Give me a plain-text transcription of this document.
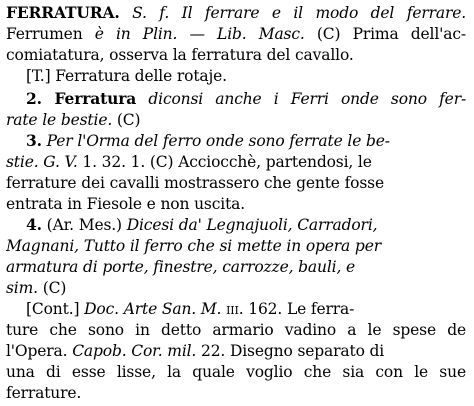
FERRATURA. S. f. Il ferrare e il modo del ferrare.
Ferrumen è in Plin. — Lib. Masc. (C) Prima dell'ac-
comiatatura, osserva la ferratura del cavallo.
[T.] Ferratura delle rotaje.
2. Ferratura diconsi anche i Ferri onde sono fer-
rate le bestie. (C)
3. Per l'Orma del ferro onde sono ferrate le be-
stie. G. V. 1. 32. 1. (C) Acciocchè, partendosi, le
ferrature dei cavalli mostrassero che gente fosse
entrata in Fiesole e non uscita.
4. (Ar. Mes.) Dicesi da' Legnajuoli, Carradori,
Magnani, Tutto il ferro che si mette in opera per
armatura di porte, finestre, carrozze, bauli, e
sim. (C)
[Cont.] Doc. Arte San. M. iii. 162. Le ferra-
ture che sono in detto armario vadino a le spese de
l'Opera. Capob. Cor. mil. 22. Disegno separato di
una di esse lisse, la quale voglio che sia con le sue
ferrature.
